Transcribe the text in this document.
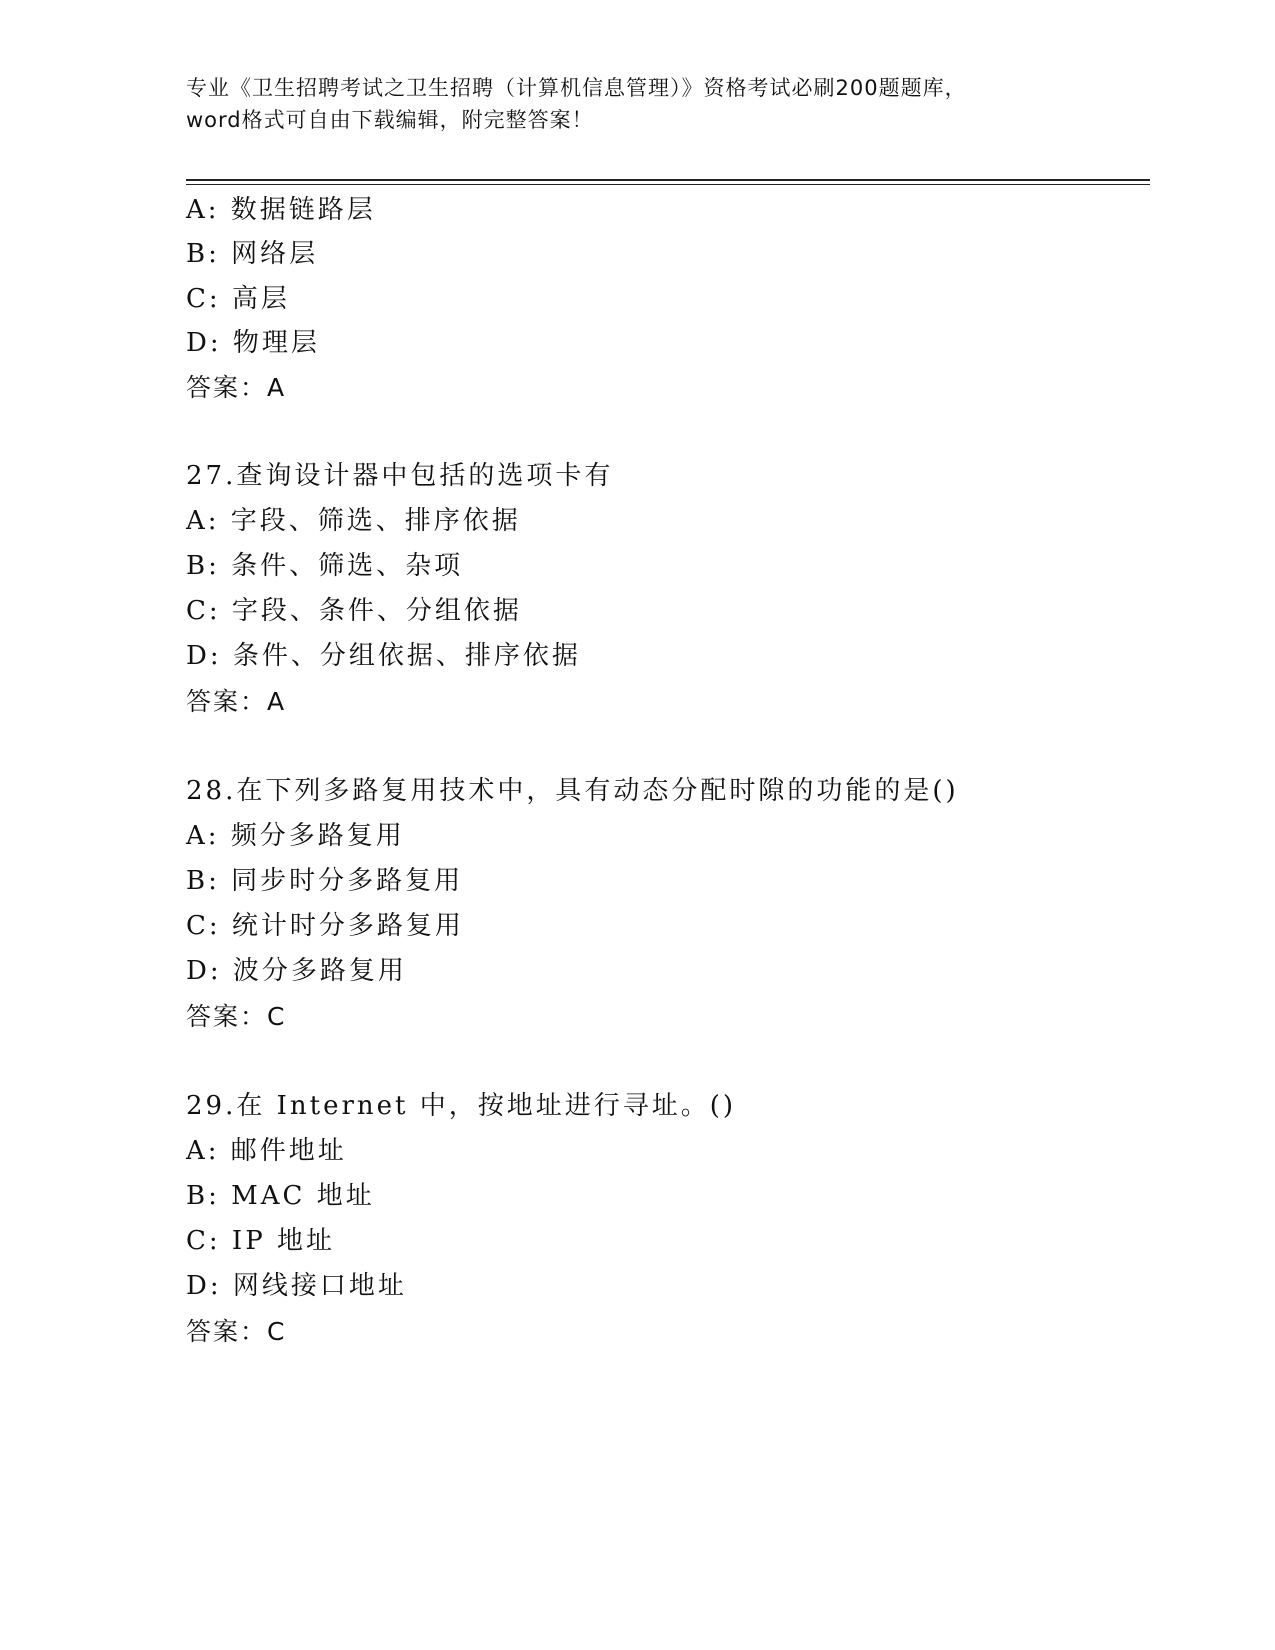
专业《卫生招聘考试之卫生招聘（计算机信息管理）》资格考试必刷200题题库，
word格式可自由下载编辑，附完整答案！
A: 数据链路层
B: 网络层
C: 高层
D: 物理层
答案：A
27.查询设计器中包括的选项卡有
A: 字段、筛选、排序依据
B: 条件、筛选、杂项
C: 字段、条件、分组依据
D: 条件、分组依据、排序依据
答案：A
28.在下列多路复用技术中，具有动态分配时隙的功能的是()
A: 频分多路复用
B: 同步时分多路复用
C: 统计时分多路复用
D: 波分多路复用
答案：C
29.在 Internet 中，按地址进行寻址。()
A: 邮件地址
B: MAC 地址
C: IP 地址
D: 网线接口地址
答案：C
